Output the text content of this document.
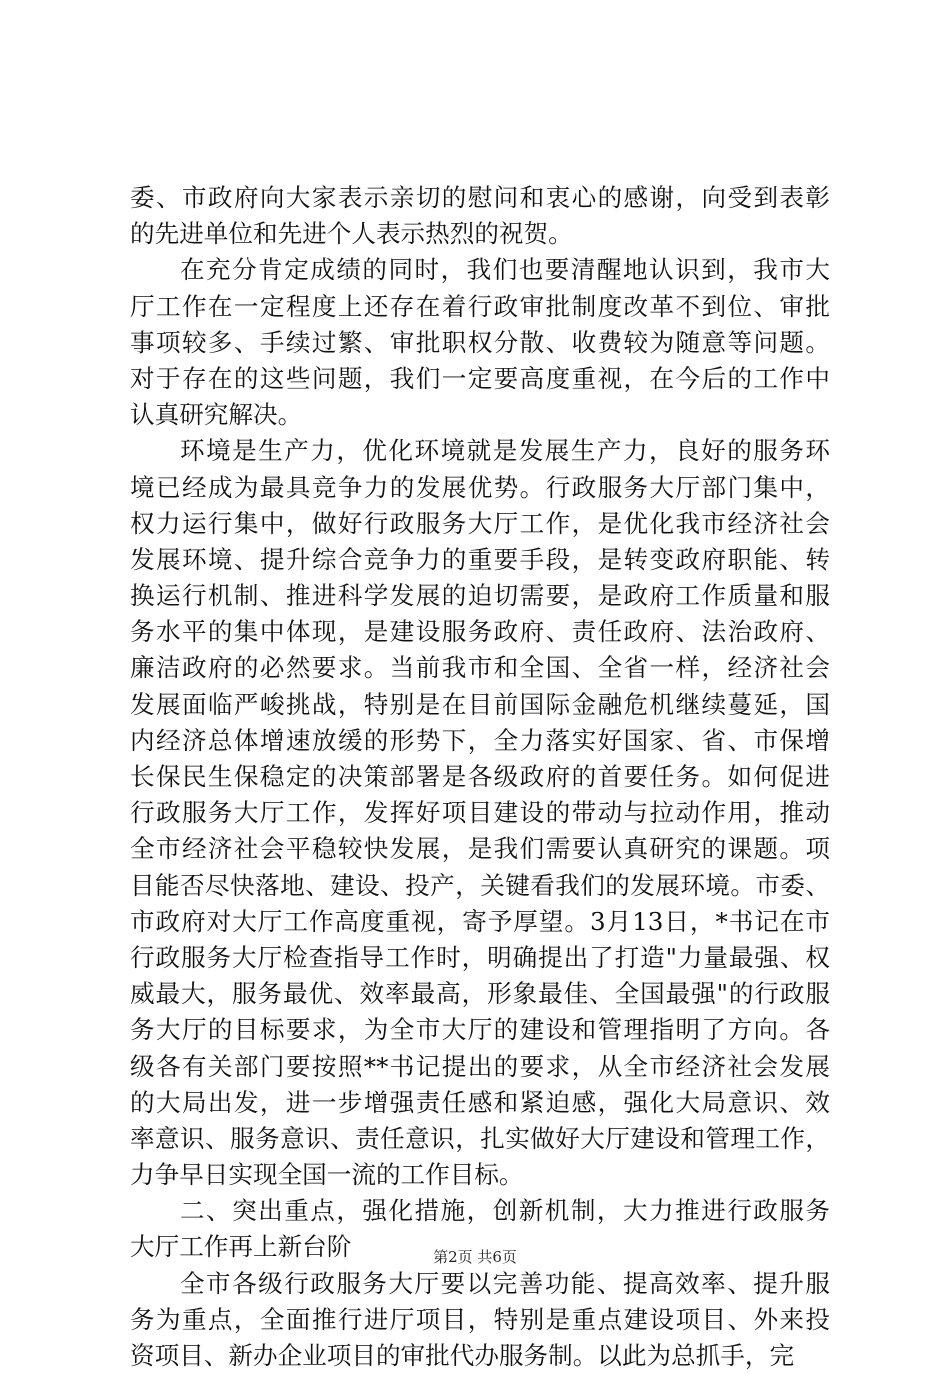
委、市政府向大家表示亲切的慰问和衷心的感谢，向受到表彰
的先进单位和先进个人表示热烈的祝贺。
在充分肯定成绩的同时，我们也要清醒地认识到，我市大
厅工作在一定程度上还存在着行政审批制度改革不到位、审批
事项较多、手续过繁、审批职权分散、收费较为随意等问题。
对于存在的这些问题，我们一定要高度重视，在今后的工作中
认真研究解决。
环境是生产力，优化环境就是发展生产力，良好的服务环
境已经成为最具竞争力的发展优势。行政服务大厅部门集中，
权力运行集中，做好行政服务大厅工作，是优化我市经济社会
发展环境、提升综合竞争力的重要手段，是转变政府职能、转
换运行机制、推进科学发展的迫切需要，是政府工作质量和服
务水平的集中体现，是建设服务政府、责任政府、法治政府、
廉洁政府的必然要求。当前我市和全国、全省一样，经济社会
发展面临严峻挑战，特别是在目前国际金融危机继续蔓延，国
内经济总体增速放缓的形势下，全力落实好国家、省、市保增
长保民生保稳定的决策部署是各级政府的首要任务。如何促进
行政服务大厅工作，发挥好项目建设的带动与拉动作用，推动
全市经济社会平稳较快发展，是我们需要认真研究的课题。项
目能否尽快落地、建设、投产，关键看我们的发展环境。市委、
市政府对大厅工作高度重视，寄予厚望。3月13日，*书记在市
行政服务大厅检查指导工作时，明确提出了打造"力量最强、权
威最大，服务最优、效率最高，形象最佳、全国最强"的行政服
务大厅的目标要求，为全市大厅的建设和管理指明了方向。各
级各有关部门要按照**书记提出的要求，从全市经济社会发展
的大局出发，进一步增强责任感和紧迫感，强化大局意识、效
率意识、服务意识、责任意识，扎实做好大厅建设和管理工作，
力争早日实现全国一流的工作目标。
二、突出重点，强化措施，创新机制，大力推进行政服务
大厅工作再上新台阶
全市各级行政服务大厅要以完善功能、提高效率、提升服
务为重点，全面推行进厅项目，特别是重点建设项目、外来投
资项目、新办企业项目的审批代办服务制。以此为总抓手，完
第2页 共6页
